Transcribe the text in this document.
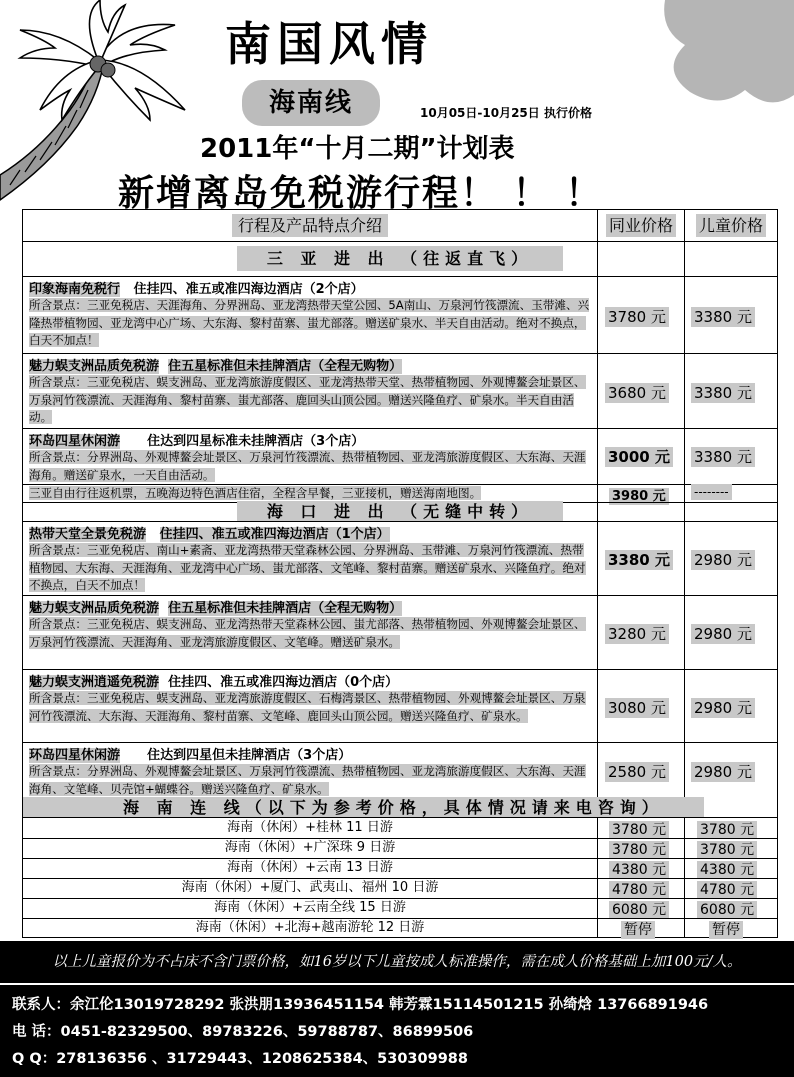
南国风情
海南线	10月05日-10月25日 执行价格
2011年“十月二期”计划表
新增离岛免税游行程！ ！ ！
行程及产品特点介绍	同业价格	儿童价格
三 亚 进 出 （往返直飞）
印象海南免税行 住挂四、准五或准四海边酒店（2个店）
所含景点：三亚免税店、天涯海角、分界洲岛、亚龙湾热带天堂公园、5A南山、万泉河竹筏漂流、玉带滩、兴隆热带植物园、亚龙湾中心广场、大东海、黎村苗寨、蚩尤部落。赠送矿泉水、半天自由活动。绝对不换点，白天不加点！
3780 元 3380 元
魅力蜈支洲品质免税游 住五星标准但未挂牌酒店（全程无购物）
所含景点：三亚免税店、蜈支洲岛、亚龙湾旅游度假区、亚龙湾热带天堂、热带植物园、外观博鳌会址景区、万泉河竹筏漂流、天涯海角、黎村苗寨、蚩尤部落、鹿回头山顶公园。赠送兴隆鱼疗、矿泉水。半天自由活动。
3680 元 3380 元
环岛四星休闲游 住达到四星标准未挂牌酒店（3个店）
所含景点：分界洲岛、外观博鳌会址景区、万泉河竹筏漂流、热带植物园、亚龙湾旅游度假区、大东海、天涯海角。赠送矿泉水，一天自由活动。
3000 元 3380 元
三亚自由行往返机票，五晚海边特色酒店住宿，全程含早餐，三亚接机，赠送海南地图。	3980 元 --------
海 口 进 出 （无缝中转）
热带天堂全景免税游 住挂四、准五或准四海边酒店（1个店）
所含景点：三亚免税店、南山+素斋、亚龙湾热带天堂森林公园、分界洲岛、玉带滩、万泉河竹筏漂流、热带植物园、大东海、天涯海角、亚龙湾中心广场、蚩尤部落、文笔峰、黎村苗寨。赠送矿泉水、兴隆鱼疗。绝对不换点，白天不加点！
3380 元 2980 元
魅力蜈支洲品质免税游 住五星标准但未挂牌酒店（全程无购物）
所含景点：三亚免税店、蜈支洲岛、亚龙湾热带天堂森林公园、蚩尤部落、热带植物园、外观博鳌会址景区、万泉河竹筏漂流、天涯海角、亚龙湾旅游度假区、文笔峰。赠送矿泉水。	3280 元 2980 元
魅力蜈支洲逍遥免税游 住挂四、准五或准四海边酒店（0个店）
所含景点：三亚免税店、蜈支洲岛、亚龙湾旅游度假区、石梅湾景区、热带植物园、外观博鳌会址景区、万泉河竹筏漂流、大东海、天涯海角、黎村苗寨、文笔峰、鹿回头山顶公园。赠送兴隆鱼疗、矿泉水。	3080 元 2980 元
环岛四星休闲游 住达到四星但未挂牌酒店（3个店）
所含景点：分界洲岛、外观博鳌会址景区、万泉河竹筏漂流、热带植物园、亚龙湾旅游度假区、大东海、天涯海角、文笔峰、贝壳馆+蝴蝶谷。赠送兴隆鱼疗、矿泉水。
2580 元 2980 元
海 南 连 线（以下为参考价格，具体情况请来电咨询）
海南（休闲）+桂林 11 日游	3780 元 3780 元
海南（休闲）+广深珠 9 日游	3780 元 3780 元
海南（休闲）+云南 13 日游	4380 元 4380 元
海南（休闲）+厦门、武夷山、福州 10 日游	4780 元 4780 元
海南（休闲）+云南全线 15 日游	6080 元 6080 元
海南（休闲）+北海+越南游轮 12 日游	暂停	暂停
以上儿童报价为不占床不含门票价格，如16岁以下儿童按成人标准操作，需在成人价格基础上加100元/人。
联系人：余江伦13019728292 张洪朋13936451154 韩芳霖15114501215 孙绮焓 13766891946
电 话：0451-82329500、89783226、59788787、86899506
Q Q：278136356 、31729443、1208625384、530309988
